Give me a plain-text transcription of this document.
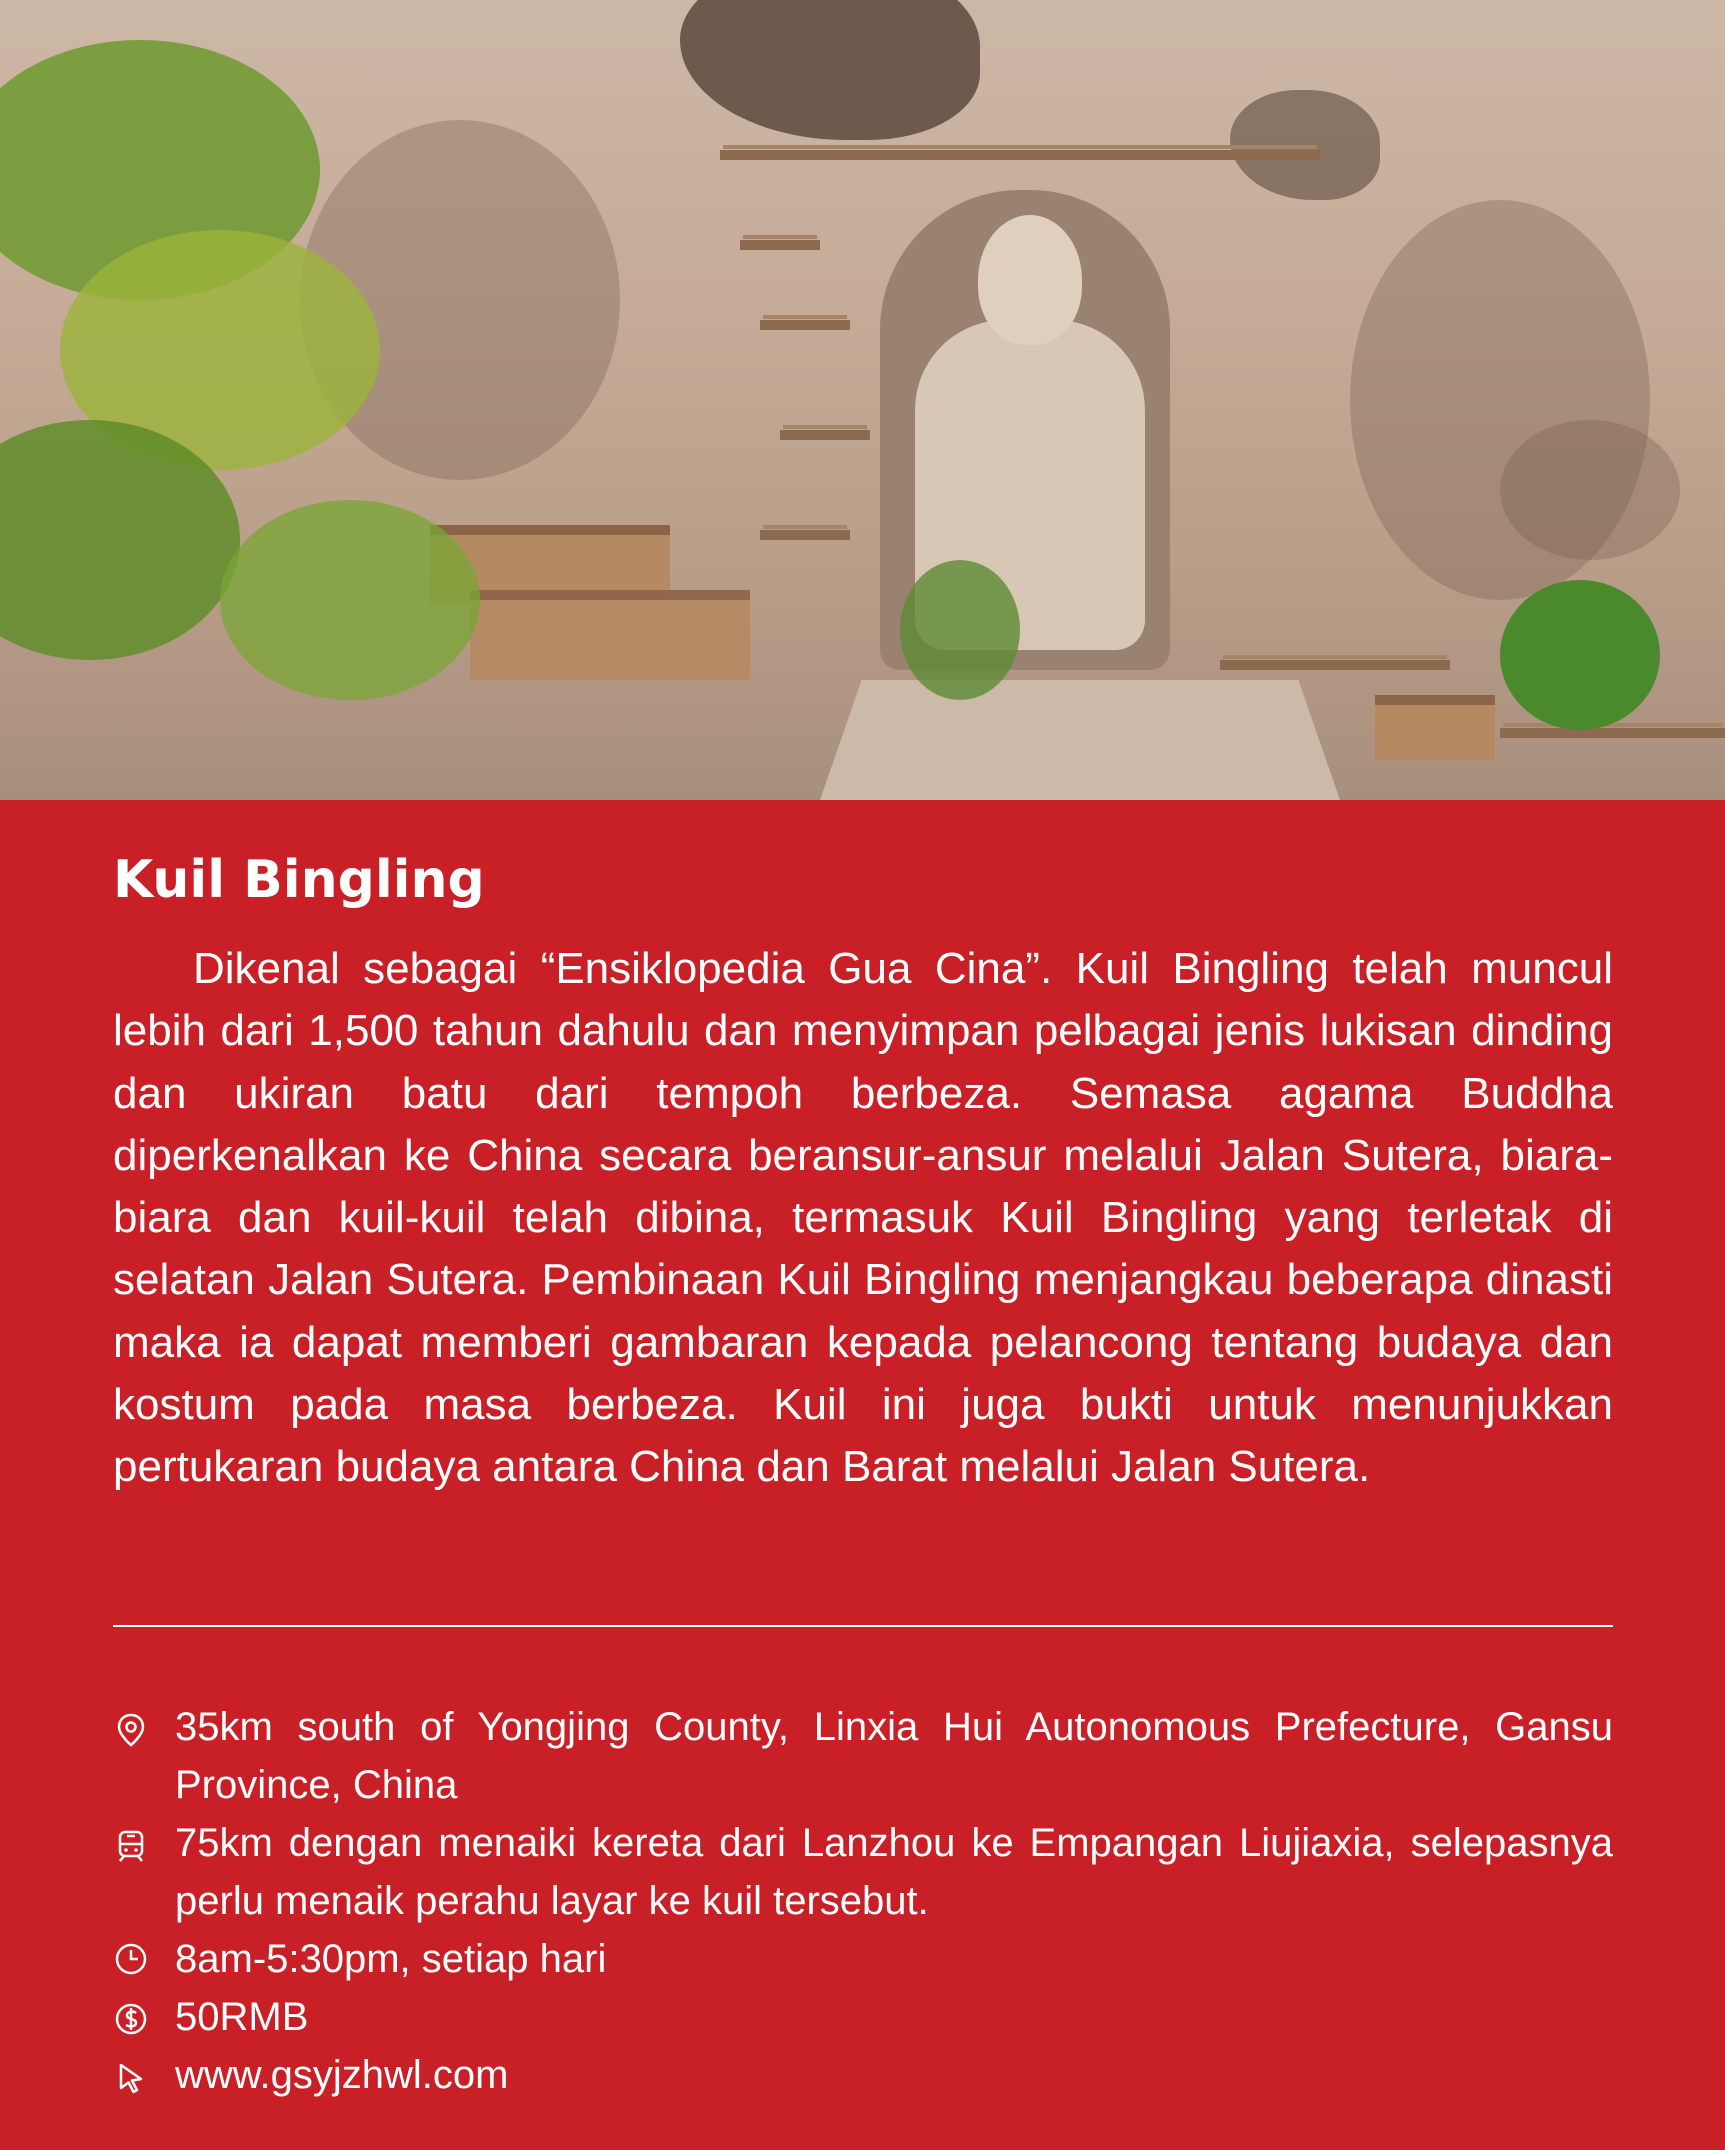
Kuil Bingling

Dikenal sebagai “Ensiklopedia Gua Cina”. Kuil Bingling telah muncul lebih dari 1,500 tahun dahulu dan menyimpan pelbagai jenis lukisan dinding dan ukiran batu dari tempoh berbeza. Semasa agama Buddha diperkenalkan ke China secara beransur-ansur melalui Jalan Sutera, biara-biara dan kuil-kuil telah dibina, termasuk Kuil Bingling yang terletak di selatan Jalan Sutera. Pembinaan Kuil Bingling menjangkau beberapa dinasti maka ia dapat memberi gambaran kepada pelancong tentang budaya dan kostum pada masa berbeza. Kuil ini juga bukti untuk menunjukkan pertukaran budaya antara China dan Barat melalui Jalan Sutera.

35km south of Yongjing County, Linxia Hui Autonomous Prefecture, Gansu Province, China
75km dengan menaiki kereta dari Lanzhou ke Empangan Liujiaxia, selepasnya perlu menaik perahu layar ke kuil tersebut.
8am-5:30pm, setiap hari
50RMB
www.gsyjzhwl.com
